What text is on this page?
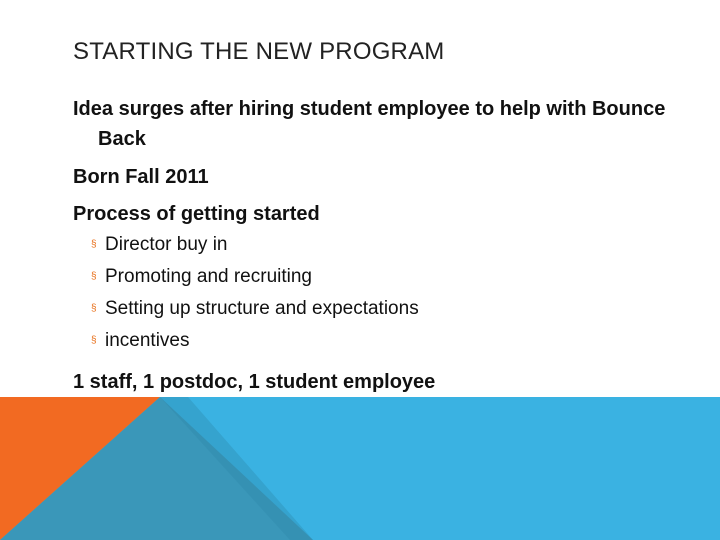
STARTING THE NEW PROGRAM

Idea surges after hiring student employee to help with Bounce Back

Born Fall 2011

Process of getting started

§ Director buy in
§ Promoting and recruiting
§ Setting up structure and expectations
§ incentives

1 staff, 1 postdoc, 1 student employee
